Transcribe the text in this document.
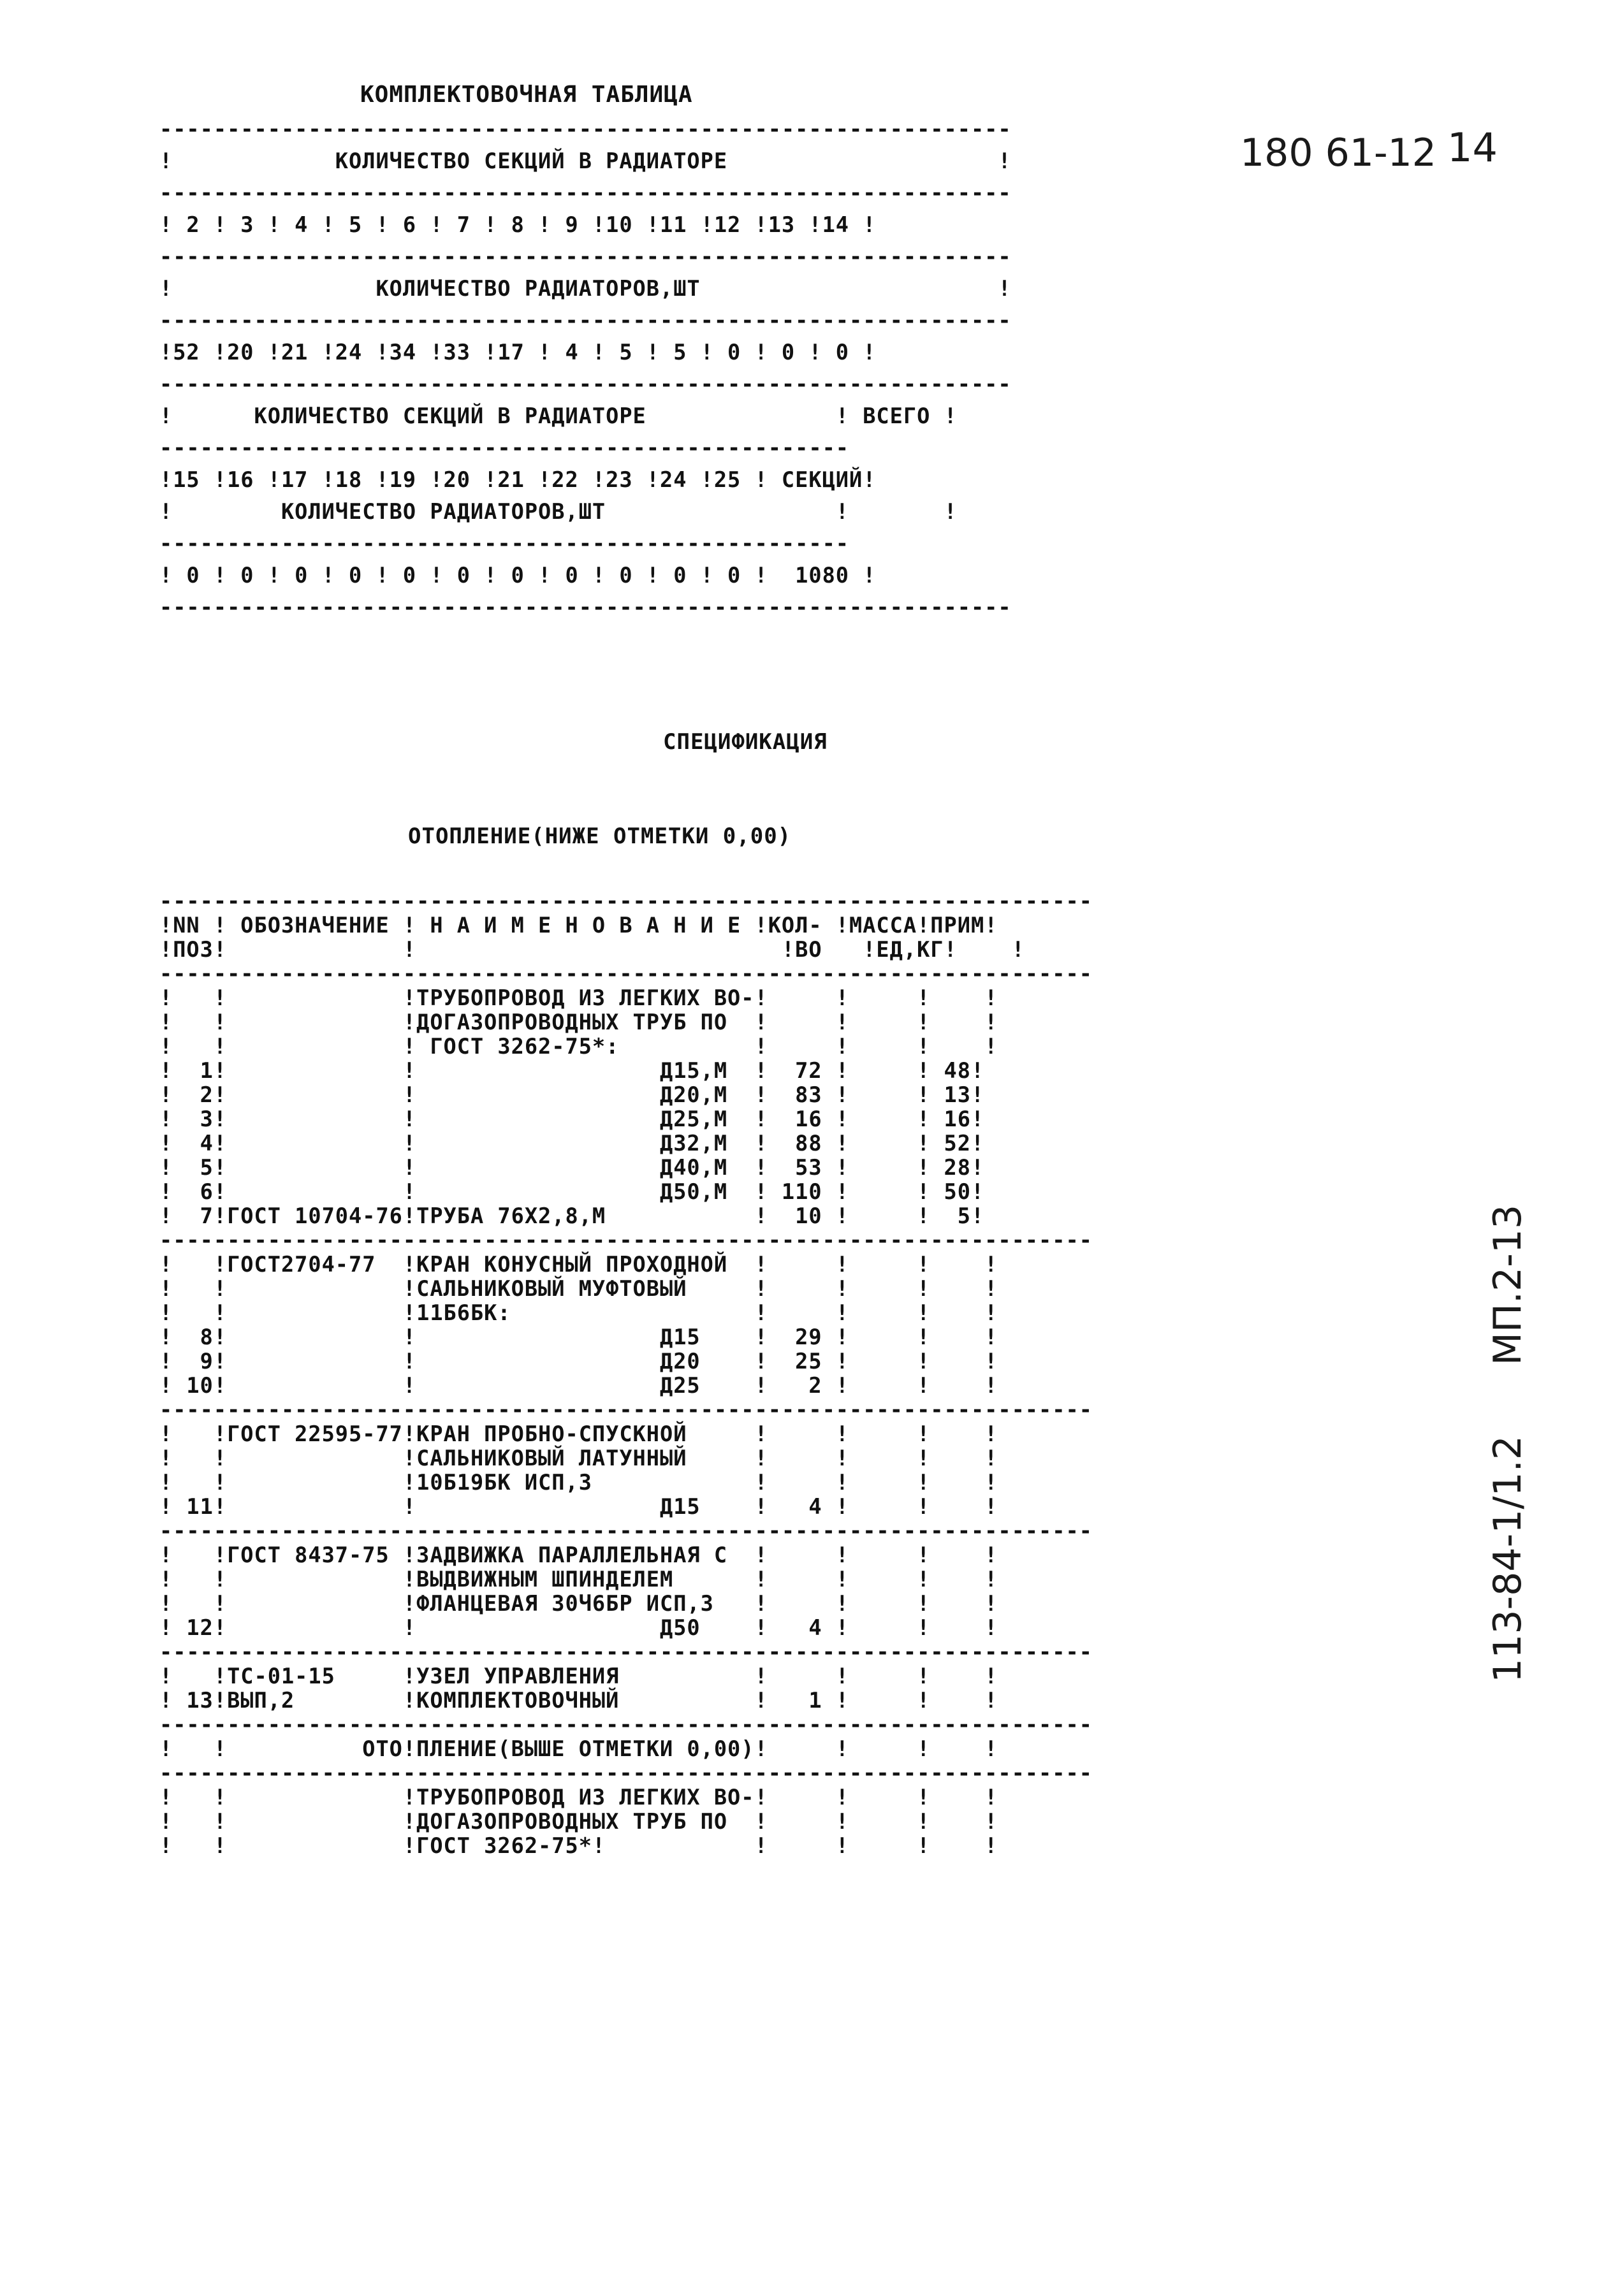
КОМПЛЕКТОВОЧНАЯ ТАБЛИЦА
---------------------------------------------------------------
!            КОЛИЧЕСТВО СЕКЦИЙ В РАДИАТОРЕ                    !
---------------------------------------------------------------
! 2 ! 3 ! 4 ! 5 ! 6 ! 7 ! 8 ! 9 !10 !11 !12 !13 !14 !
---------------------------------------------------------------
!               КОЛИЧЕСТВО РАДИАТОРОВ,ШТ                      !
---------------------------------------------------------------
!52 !20 !21 !24 !34 !33 !17 ! 4 ! 5 ! 5 ! 0 ! 0 ! 0 !
---------------------------------------------------------------
!      КОЛИЧЕСТВО СЕКЦИЙ В РАДИАТОРЕ              ! ВСЕГО !
---------------------------------------------------
!15 !16 !17 !18 !19 !20 !21 !22 !23 !24 !25 ! СЕКЦИЙ!
!        КОЛИЧЕСТВО РАДИАТОРОВ,ШТ                 !       !
---------------------------------------------------
! 0 ! 0 ! 0 ! 0 ! 0 ! 0 ! 0 ! 0 ! 0 ! 0 ! 0 !  1080 !
---------------------------------------------------------------
180 61-12 14
СПЕЦИФИКАЦИЯ
ОТОПЛЕНИЕ(НИЖЕ ОТМЕТКИ 0,00)
---------------------------------------------------------------------
!NN ! ОБОЗНАЧЕНИЕ ! Н А И М Е Н О В А Н И Е !КОЛ- !МАССА!ПРИМ!
!ПОЗ!             !                           !ВО   !ЕД,КГ!    !
---------------------------------------------------------------------
!   !             !ТРУБОПРОВОД ИЗ ЛЕГКИХ ВО-!     !     !    !
!   !             !ДОГАЗОПРОВОДНЫХ ТРУБ ПО  !     !     !    !
!   !             ! ГОСТ 3262-75*:          !     !     !    !
!  1!             !                  Д15,М  !  72 !     ! 48!
!  2!             !                  Д20,М  !  83 !     ! 13!
!  3!             !                  Д25,М  !  16 !     ! 16!
!  4!             !                  Д32,М  !  88 !     ! 52!
!  5!             !                  Д40,М  !  53 !     ! 28!
!  6!             !                  Д50,М  ! 110 !     ! 50!
!  7!ГОСТ 10704-76!ТРУБА 76Х2,8,М           !  10 !     !  5!
---------------------------------------------------------------------
!   !ГОСТ2704-77  !КРАН КОНУСНЫЙ ПРОХОДНОЙ  !     !     !    !
!   !             !САЛЬНИКОВЫЙ МУФТОВЫЙ     !     !     !    !
!   !             !11Б6БК:                  !     !     !    !
!  8!             !                  Д15    !  29 !     !    !
!  9!             !                  Д20    !  25 !     !    !
! 10!             !                  Д25    !   2 !     !    !
---------------------------------------------------------------------
!   !ГОСТ 22595-77!КРАН ПРОБНО-СПУСКНОЙ     !     !     !    !
!   !             !САЛЬНИКОВЫЙ ЛАТУННЫЙ     !     !     !    !
!   !             !10Б19БК ИСП,3            !     !     !    !
! 11!             !                  Д15    !   4 !     !    !
---------------------------------------------------------------------
!   !ГОСТ 8437-75 !ЗАДВИЖКА ПАРАЛЛЕЛЬНАЯ С  !     !     !    !
!   !             !ВЫДВИЖНЫМ ШПИНДЕЛЕМ      !     !     !    !
!   !             !ФЛАНЦЕВАЯ 30Ч6БР ИСП,3   !     !     !    !
! 12!             !                  Д50    !   4 !     !    !
---------------------------------------------------------------------
!   !ТС-01-15     !УЗЕЛ УПРАВЛЕНИЯ          !     !     !    !
! 13!ВЫП,2        !КОМПЛЕКТОВОЧНЫЙ          !   1 !     !    !
---------------------------------------------------------------------
!   !          ОТО!ПЛЕНИЕ(ВЫШЕ ОТМЕТКИ 0,00)!     !     !    !
---------------------------------------------------------------------
!   !             !ТРУБОПРОВОД ИЗ ЛЕГКИХ ВО-!     !     !    !
!   !             !ДОГАЗОПРОВОДНЫХ ТРУБ ПО  !     !     !    !
!   !             !ГОСТ 3262-75*!           !     !     !    !
113-84-1/1.2МП.2-13
